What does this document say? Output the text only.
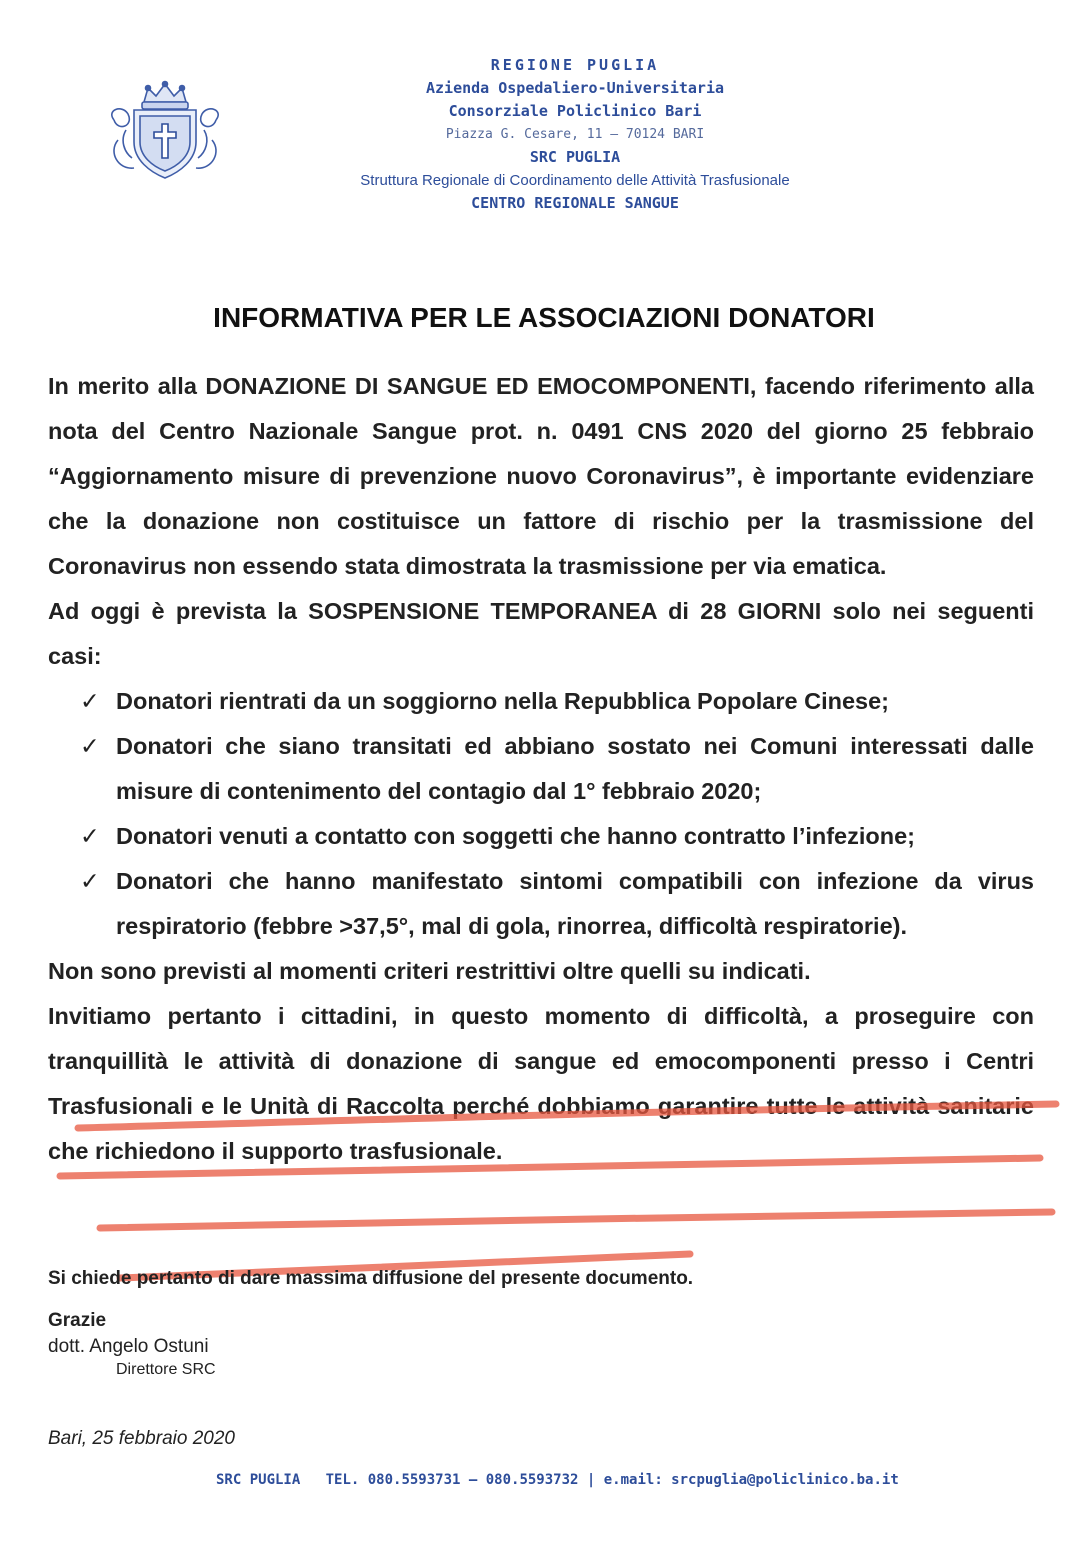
REGIONE PUGLIA
Azienda Ospedaliero-Universitaria
Consorziale Policlinico Bari
Piazza G. Cesare, 11 – 70124 BARI
SRC PUGLIA
Struttura Regionale di Coordinamento delle Attività Trasfusionale
CENTRO REGIONALE SANGUE
INFORMATIVA PER LE ASSOCIAZIONI DONATORI

In merito alla DONAZIONE DI SANGUE ED EMOCOMPONENTI, facendo riferimento alla nota del Centro Nazionale Sangue prot. n. 0491 CNS 2020 del giorno 25 febbraio “Aggiornamento misure di prevenzione nuovo Coronavirus”, è importante evidenziare che la donazione non costituisce un fattore di rischio per la trasmissione del Coronavirus non essendo stata dimostrata la trasmissione per via ematica.

Ad oggi è prevista la SOSPENSIONE TEMPORANEA di 28 GIORNI solo nei seguenti casi:

✓ Donatori rientrati da un soggiorno nella Repubblica Popolare Cinese;
✓ Donatori che siano transitati ed abbiano sostato nei Comuni interessati dalle misure di contenimento del contagio dal 1° febbraio 2020;
✓ Donatori venuti a contatto con soggetti che hanno contratto l’infezione;
✓ Donatori che hanno manifestato sintomi compatibili con infezione da virus respiratorio (febbre >37,5°, mal di gola, rinorrea, difficoltà respiratorie).

Non sono previsti al momenti criteri restrittivi oltre quelli su indicati.

Invitiamo pertanto i cittadini, in questo momento di difficoltà, a proseguire con tranquillità le attività di donazione di sangue ed emocomponenti presso i Centri Trasfusionali e le Unità di Raccolta perché dobbiamo garantire tutte le attività sanitarie che richiedono il supporto trasfusionale.

Si chiede pertanto di dare massima diffusione del presente documento.
Grazie
dott. Angelo Ostuni
Direttore SRC
Bari, 25 febbraio 2020
SRC PUGLIA TEL. 080.5593731 – 080.5593732 | e.mail: srcpuglia@policlinico.ba.it
